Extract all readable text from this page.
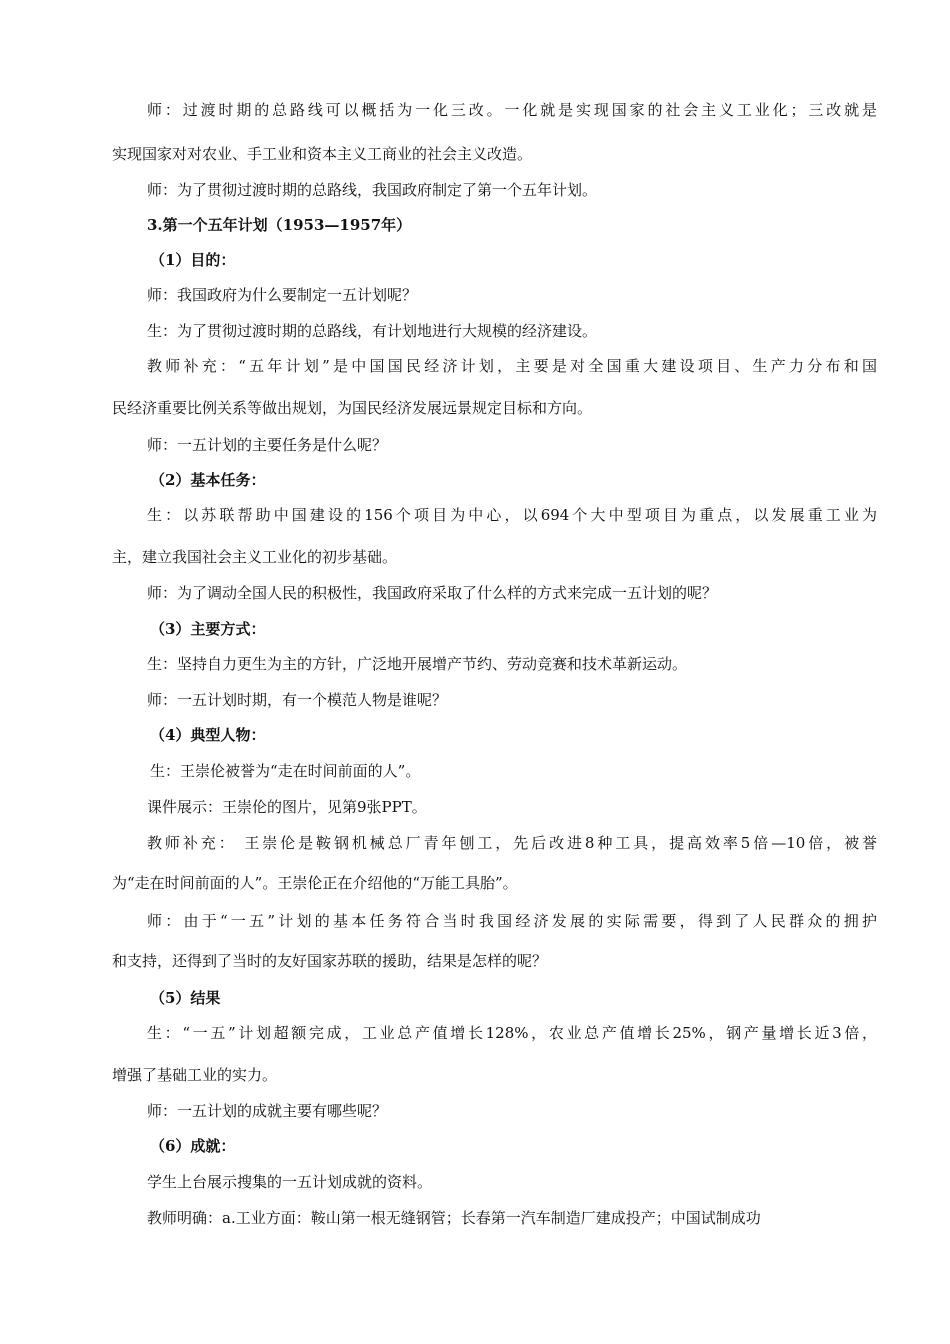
师：过渡时期的总路线可以概括为一化三改。一化就是实现国家的社会主义工业化；三改就是
实现国家对对农业、手工业和资本主义工商业的社会主义改造。
师：为了贯彻过渡时期的总路线，我国政府制定了第一个五年计划。
3.第一个五年计划（1953—1957年）
（1）目的：
师：我国政府为什么要制定一五计划呢？
生：为了贯彻过渡时期的总路线，有计划地进行大规模的经济建设。
教师补充：“五年计划”是中国国民经济计划，主要是对全国重大建设项目、生产力分布和国
民经济重要比例关系等做出规划，为国民经济发展远景规定目标和方向。
师：一五计划的主要任务是什么呢？
（2）基本任务：
生：以苏联帮助中国建设的156个项目为中心，以694个大中型项目为重点，以发展重工业为
主，建立我国社会主义工业化的初步基础。
师：为了调动全国人民的积极性，我国政府采取了什么样的方式来完成一五计划的呢？
（3）主要方式：
生：坚持自力更生为主的方针，广泛地开展增产节约、劳动竞赛和技术革新运动。
师：一五计划时期，有一个模范人物是谁呢？
（4）典型人物：
生：王崇伦被誉为“走在时间前面的人”。
课件展示：王崇伦的图片，见第9张PPT。
教师补充： 王崇伦是鞍钢机械总厂青年刨工，先后改进8种工具，提高效率5倍—10倍，被誉
为“走在时间前面的人”。王崇伦正在介绍他的“万能工具胎”。
师：由于“一五”计划的基本任务符合当时我国经济发展的实际需要，得到了人民群众的拥护
和支持，还得到了当时的友好国家苏联的援助，结果是怎样的呢？
（5）结果
生：“一五”计划超额完成，工业总产值增长128%，农业总产值增长25%，钢产量增长近3倍，
增强了基础工业的实力。
师：一五计划的成就主要有哪些呢？
（6）成就：
学生上台展示搜集的一五计划成就的资料。
教师明确：a.工业方面：鞍山第一根无缝钢管；长春第一汽车制造厂建成投产；中国试制成功
